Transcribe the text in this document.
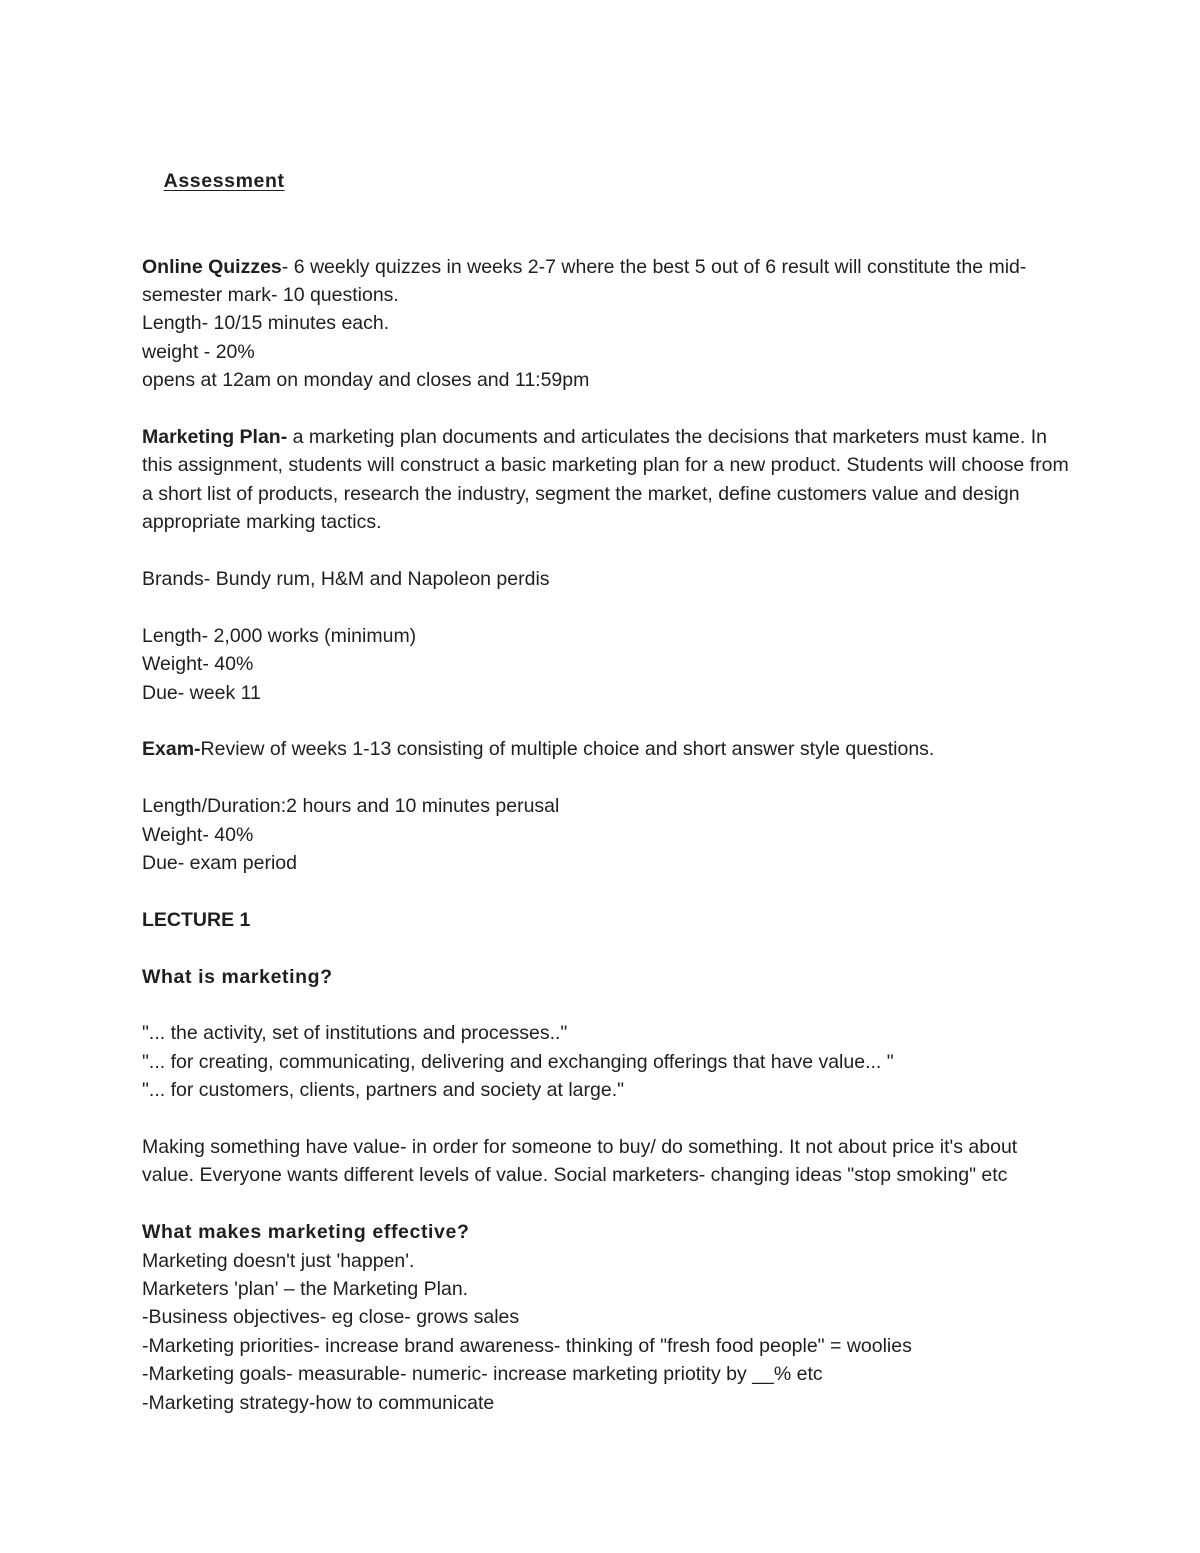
Assessment

Online Quizzes- 6 weekly quizzes in weeks 2-7 where the best 5 out of 6 result will constitute the mid-semester mark- 10 questions.

Length- 10/15 minutes each.

weight - 20%

opens at 12am on monday and closes and 11:59pm

Marketing Plan- a marketing plan documents and articulates the decisions that marketers must kame. In this assignment, students will construct a basic marketing plan for a new product. Students will choose from a short list of products, research the industry, segment the market, define customers value and design appropriate marking tactics.

Brands- Bundy rum, H&M and Napoleon perdis

Length- 2,000 works (minimum)

Weight- 40%

Due- week 11

Exam-Review of weeks 1-13 consisting of multiple choice and short answer style questions.

Length/Duration:2 hours and 10 minutes perusal

Weight- 40%

Due- exam period

LECTURE 1

What is marketing?

"... the activity, set of institutions and processes.."

"... for creating, communicating, delivering and exchanging offerings that have value... "

"... for customers, clients, partners and society at large."

Making something have value- in order for someone to buy/ do something. It not about price it's about value. Everyone wants different levels of value. Social marketers- changing ideas "stop smoking" etc

What makes marketing effective?

Marketing doesn't just 'happen'.

Marketers 'plan' – the Marketing Plan.

-Business objectives- eg close- grows sales

-Marketing priorities- increase brand awareness- thinking of "fresh food people" = woolies

-Marketing goals- measurable- numeric- increase marketing priotity by __% etc

-Marketing strategy-how to communicate
